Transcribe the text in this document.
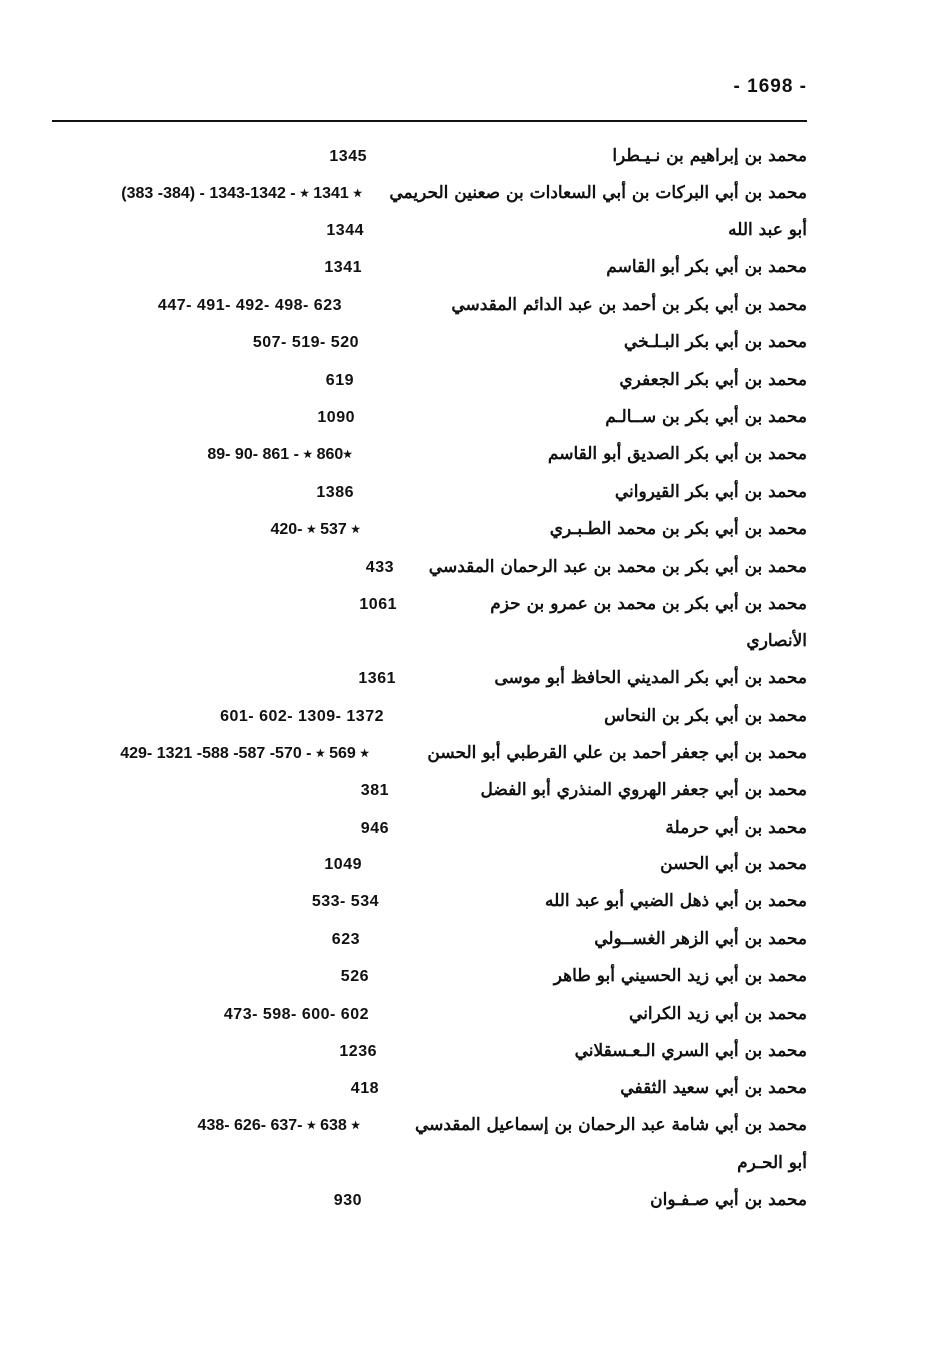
- 1698 -
محمد بن إبراهيم بن نـيـطرا
1345
محمد بن أبي البركات بن أبي السعادات بن صعنين الحريمي
(383 -384) - ٭ 1341 ٭ - 1342-1343
أبو عبد الله
1344
محمد بن أبي بكر أبو القاسم
1341
محمد بن أبي بكر بن أحمد بن عبد الدائم المقدسي
447- 491- 492- 498- 623
محمد بن أبي بكر البـلـخي
507- 519- 520
محمد بن أبي بكر الجعفري
619
محمد بن أبي بكر بن ســالـم
1090
محمد بن أبي بكر الصديق أبو القاسم
89- 90- ٭860 ٭ - 861
محمد بن أبي بكر القيرواني
1386
محمد بن أبي بكر بن محمد الطـبـري
420- ٭ 537 ٭
محمد بن أبي بكر بن محمد بن عبد الرحمان المقدسي
433
محمد بن أبي بكر بن محمد بن عمرو بن حزم
1061
الأنصاري
محمد بن أبي بكر المديني الحافظ أبو موسى
1361
محمد بن أبي بكر بن النحاس
601- 602- 1309- 1372
محمد بن أبي جعفر أحمد بن علي القرطبي أبو الحسن
429- ٭ 569 ٭ - 570- 587- 588- 1321
محمد بن أبي جعفر الهروي المنذري أبو الفضل
381
محمد بن أبي حرملة
946
محمد بن أبي الحسن
1049
محمد بن أبي ذهل الضبي أبو عبد الله
533- 534
محمد بن أبي الزهر الغســولي
623
محمد بن أبي زيد الحسيني أبو طاهر
526
محمد بن أبي زيد الكراني
473- 598- 600- 602
محمد بن أبي السري الـعـسقلاني
1236
محمد بن أبي سعيد الثقفي
418
محمد بن أبي شامة عبد الرحمان بن إسماعيل المقدسي
438- 626- 637- ٭ 638 ٭
أبو الحـرم
محمد بن أبي صـفـوان
930
